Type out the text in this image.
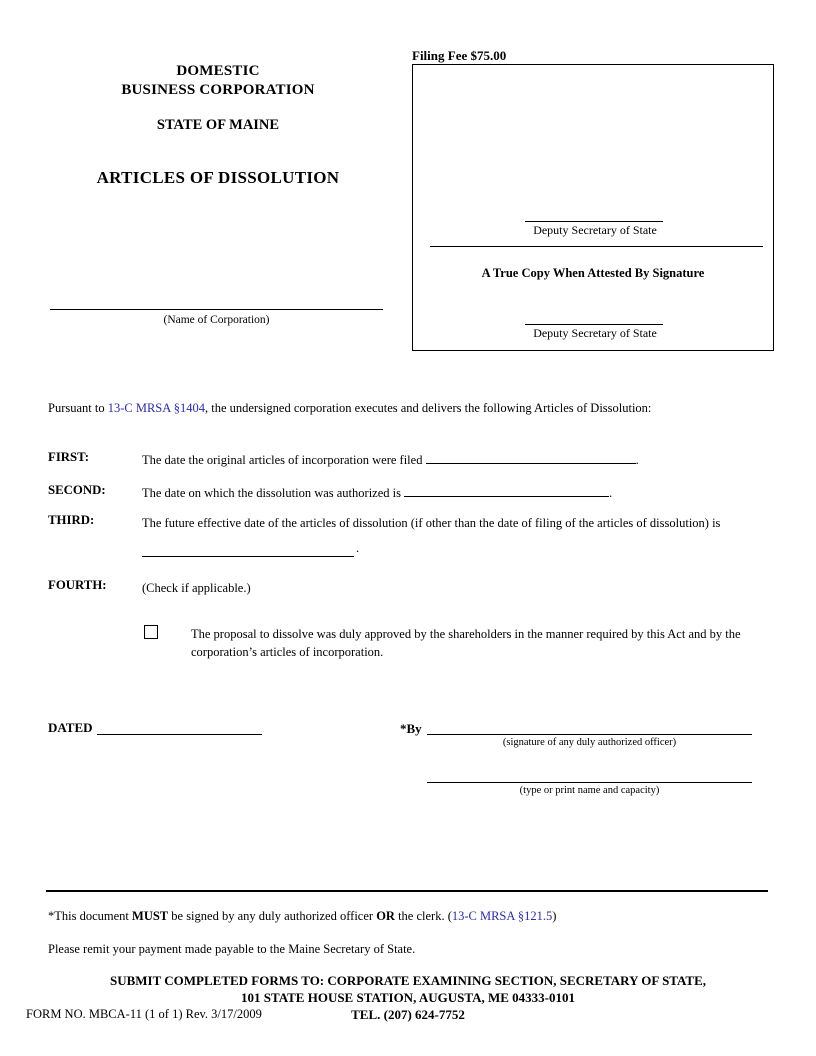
DOMESTIC
BUSINESS CORPORATION
STATE OF MAINE
ARTICLES OF DISSOLUTION
(Name of Corporation)
Filing Fee $75.00
Deputy Secretary of State
A True Copy When Attested By Signature
Deputy Secretary of State
Pursuant to 13-C MRSA §1404, the undersigned corporation executes and delivers the following Articles of Dissolution:
FIRST:	The date the original articles of incorporation were filed	.
SECOND:	The date on which the dissolution was authorized is	.
THIRD:	The future effective date of the articles of dissolution (if other than the date of filing of the articles of dissolution) is
.
FOURTH:	(Check if applicable.)
The proposal to dissolve was duly approved by the shareholders in the manner required by this Act and by the corporation’s articles of incorporation.
DATED	*By
(signature of any duly authorized officer)
(type or print name and capacity)
*This document MUST be signed by any duly authorized officer OR the clerk. (13-C MRSA §121.5)
Please remit your payment made payable to the Maine Secretary of State.
SUBMIT COMPLETED FORMS TO: CORPORATE EXAMINING SECTION, SECRETARY OF STATE,
101 STATE HOUSE STATION, AUGUSTA, ME 04333-0101
TEL. (207) 624-7752
FORM NO. MBCA-11 (1 of 1) Rev. 3/17/2009
